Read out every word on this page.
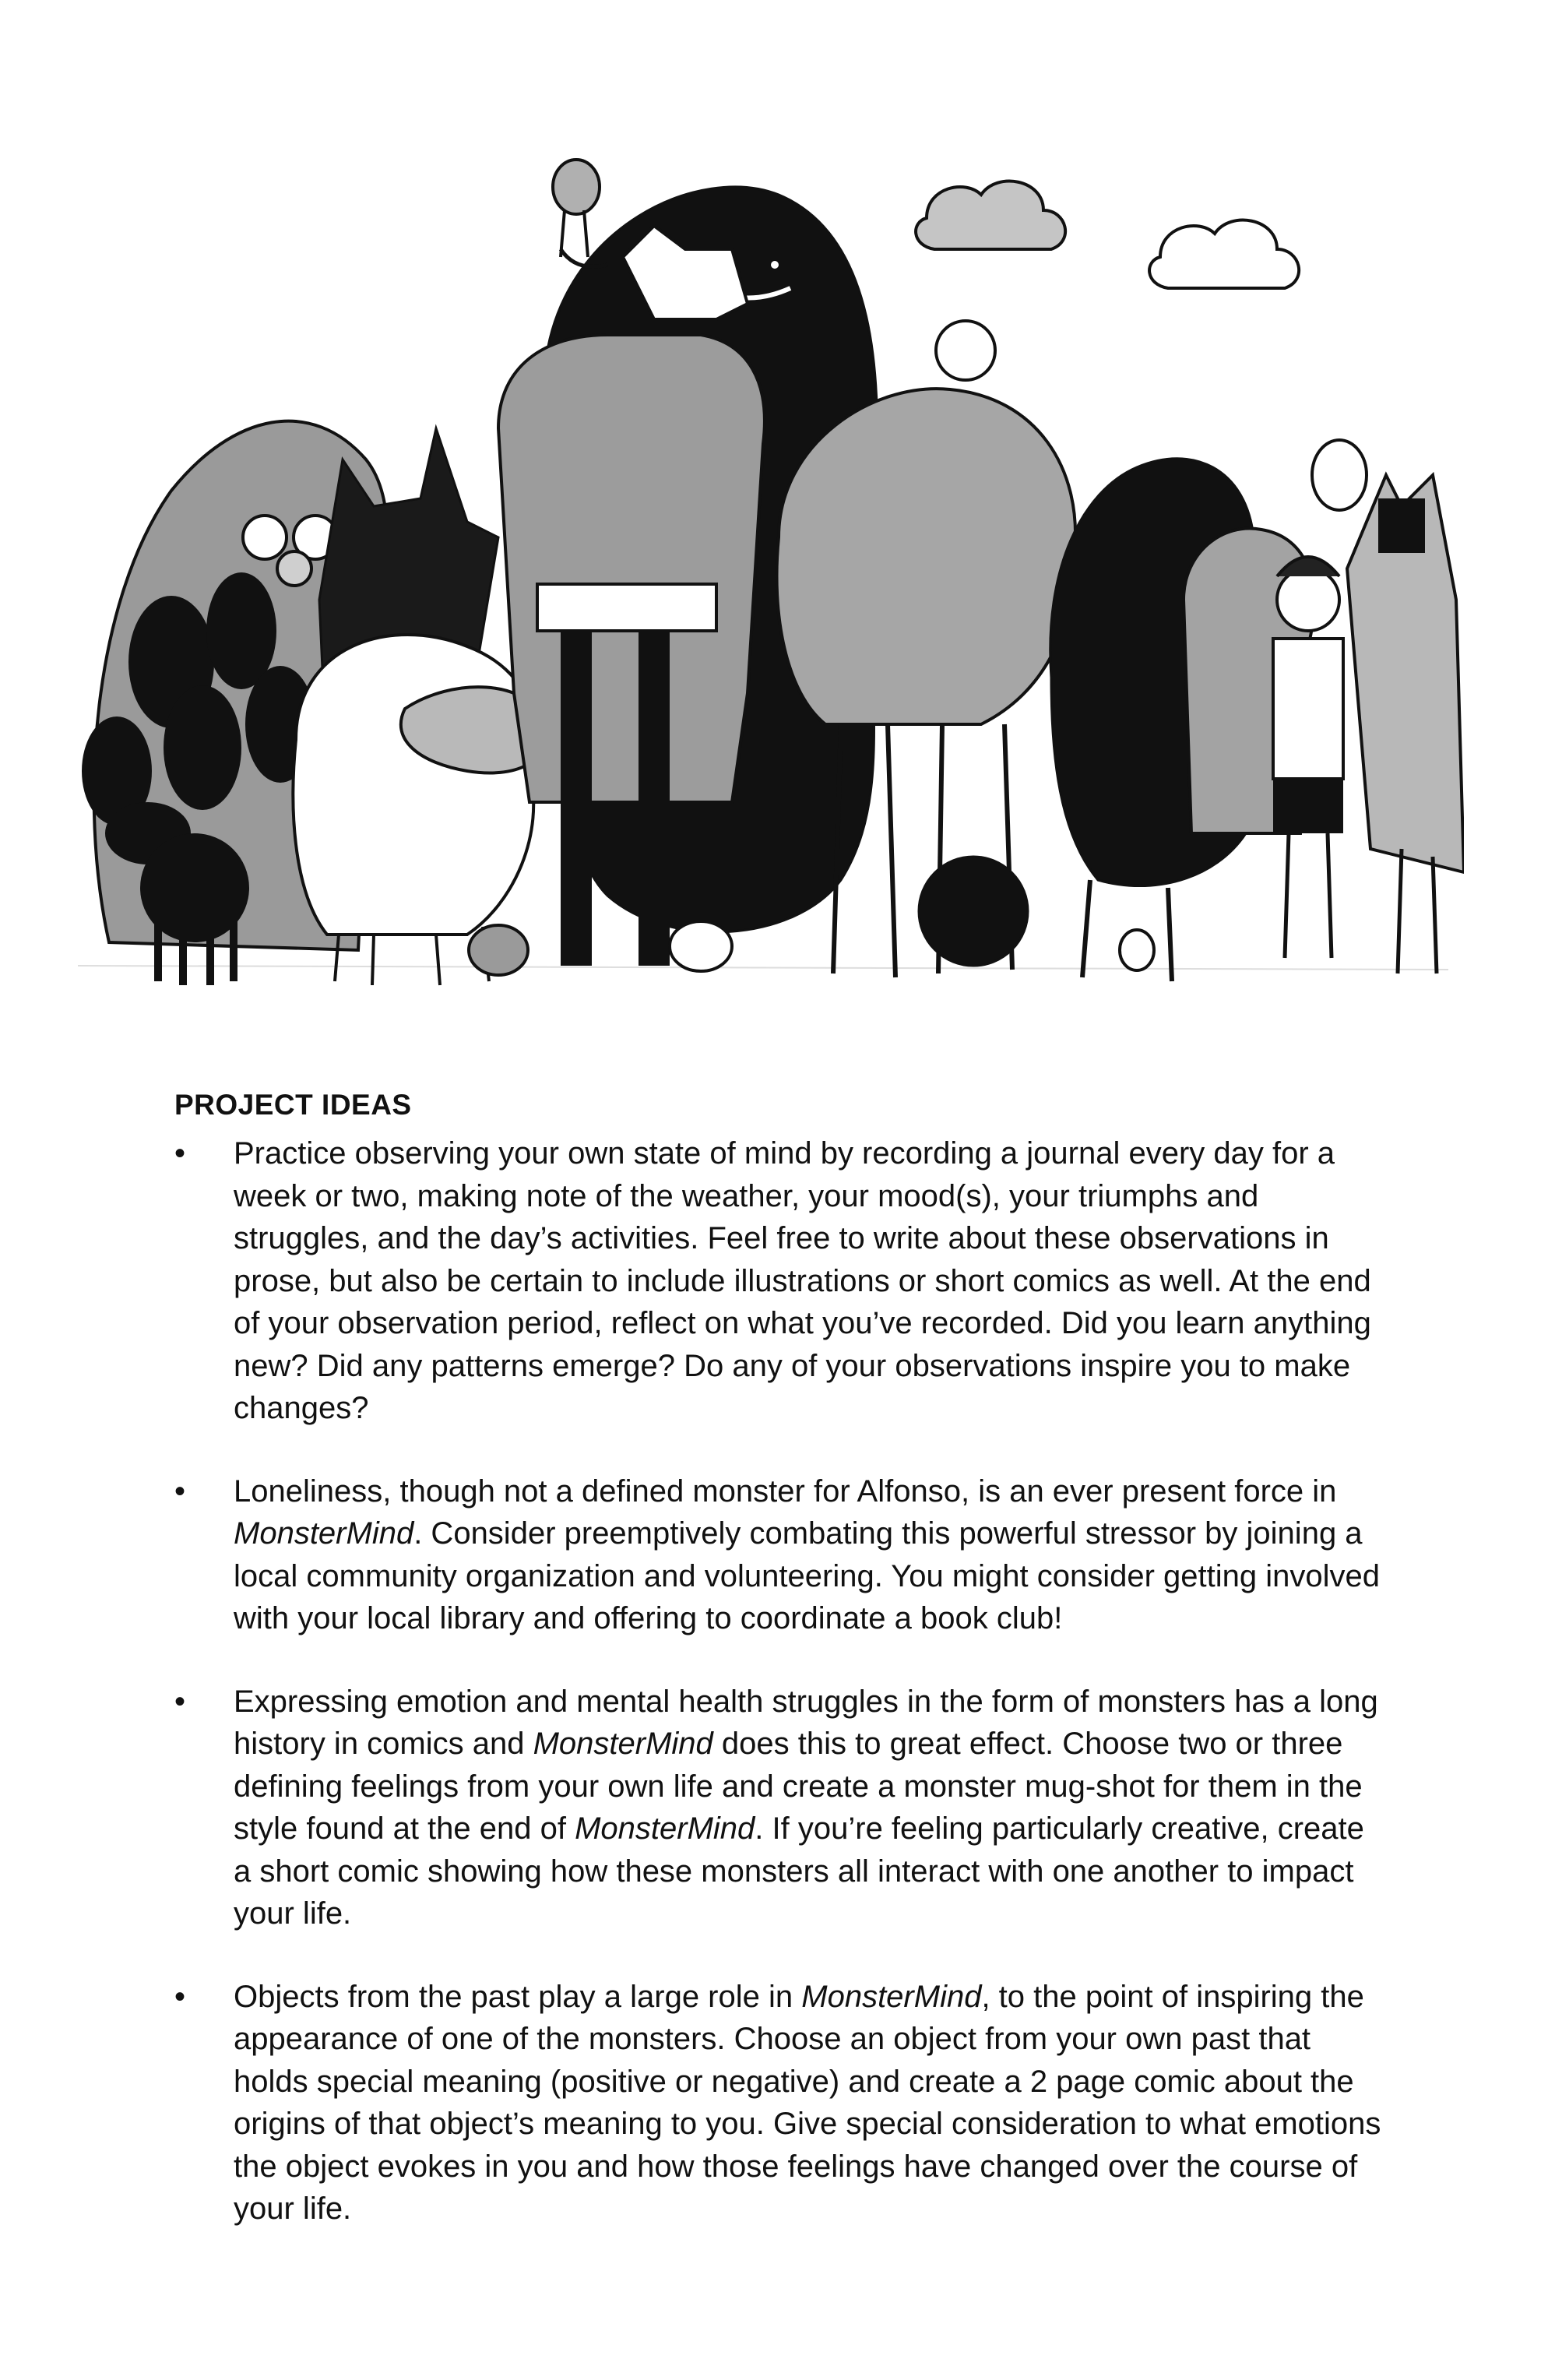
PROJECT IDEAS
•	Practice observing your own state of mind by recording a journal every day for a week or two, making note of the weather, your mood(s), your triumphs and struggles, and the day’s activities. Feel free to write about these observations in prose, but also be certain to include illustrations or short comics as well. At the end of your observation period, reflect on what you’ve recorded. Did you learn anything new? Did any patterns emerge? Do any of your observations inspire you to make changes?

•	Loneliness, though not a defined monster for Alfonso, is an ever present force in MonsterMind. Consider preemptively combating this powerful stressor by joining a local community organization and volunteering. You might consider getting involved with your local library and offering to coordinate a book club!

•	Expressing emotion and mental health struggles in the form of monsters has a long history in comics and MonsterMind does this to great effect. Choose two or three defining feelings from your own life and create a monster mug-shot for them in the style found at the end of MonsterMind. If you’re feeling particularly creative, create a short comic showing how these monsters all interact with one another to impact your life.

•	Objects from the past play a large role in MonsterMind, to the point of inspiring the appearance of one of the monsters. Choose an object from your own past that holds special meaning (positive or negative) and create a 2 page comic about the origins of that object’s meaning to you. Give special consideration to what emotions the object evokes in you and how those feelings have changed over the course of your life.
